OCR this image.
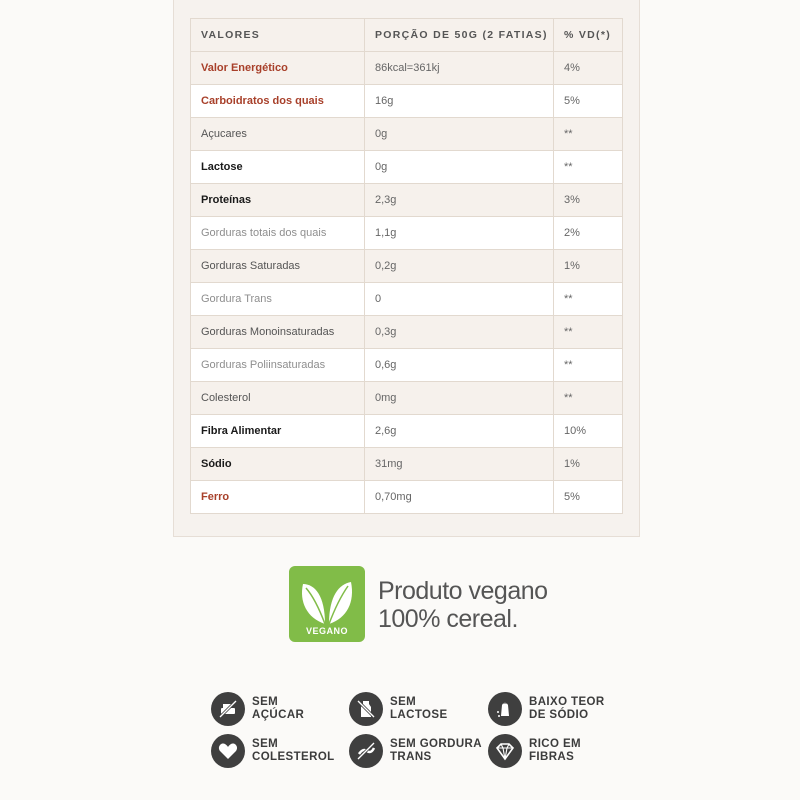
VALORES	PORÇÃO DE 50G (2 FATIAS)	% VD(*)
Valor Energético	86kcal=361kj	4%
Carboidratos dos quais	16g	5%
Açucares	0g	**
Lactose	0g	**
Proteínas	2,3g	3%
Gorduras totais dos quais	1,1g	2%
Gorduras Saturadas	0,2g	1%
Gordura Trans	0	**
Gorduras Monoinsaturadas	0,3g	**
Gorduras Poliinsaturadas	0,6g	**
Colesterol	0mg	**
Fibra Alimentar	2,6g	10%
Sódio	31mg	1%
Ferro	0,70mg	5%
VEGANO
Produto vegano
100% cereal.
SEM
AÇÚCAR
SEM
LACTOSE
BAIXO TEOR
DE SÓDIO
SEM
COLESTEROL
SEM GORDURA
TRANS
RICO EM
FIBRAS
